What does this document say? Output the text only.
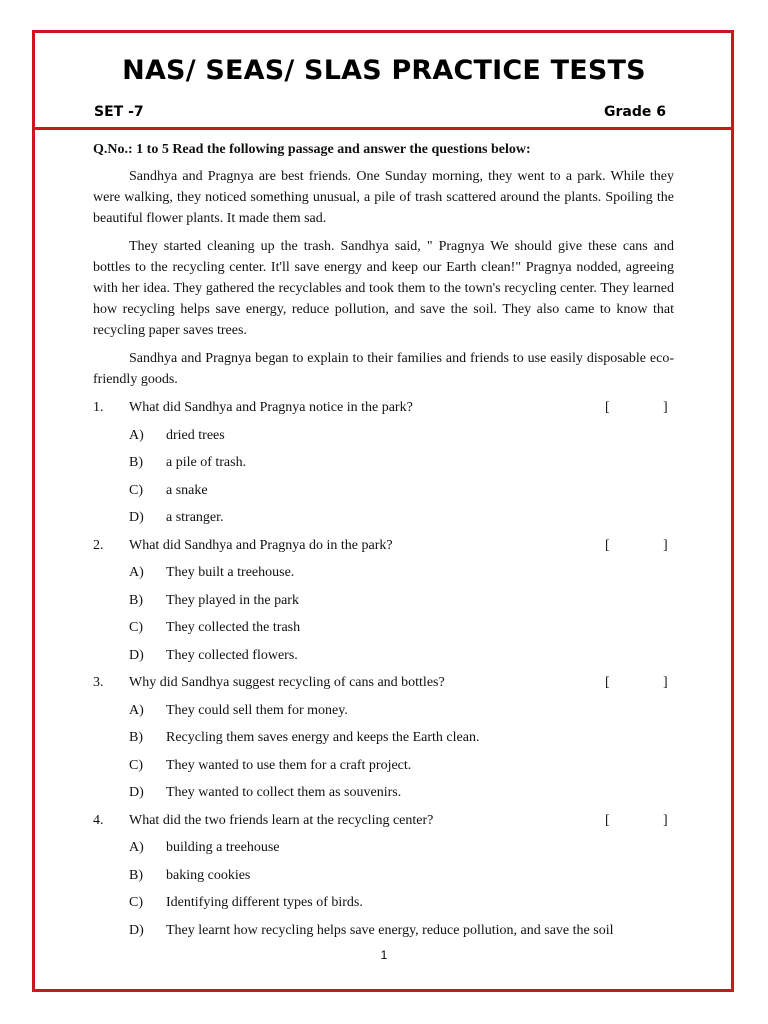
NAS/ SEAS/ SLAS PRACTICE TESTS
SET -7	Grade 6

Q.No.: 1 to 5 Read the following passage and answer the questions below:

Sandhya and Pragnya are best friends. One Sunday morning, they went to a park. While they were walking, they noticed something unusual, a pile of trash scattered around the plants. Spoiling the beautiful flower plants. It made them sad.

They started cleaning up the trash. Sandhya said, " Pragnya We should give these cans and bottles to the recycling center. It'll save energy and keep our Earth clean!" Pragnya nodded, agreeing with her idea. They gathered the recyclables and took them to the town's recycling center. They learned how recycling helps save energy, reduce pollution, and save the soil. They also came to know that recycling paper saves trees.

Sandhya and Pragnya began to explain to their families and friends to use easily disposable eco-friendly goods.

1. What did Sandhya and Pragnya notice in the park?	[	]
A) dried trees
B) a pile of trash.
C) a snake
D) a stranger.
2. What did Sandhya and Pragnya do in the park?	[	]
A) They built a treehouse.
B) They played in the park
C) They collected the trash
D) They collected flowers.
3. Why did Sandhya suggest recycling of cans and bottles?	[	]
A) They could sell them for money.
B) Recycling them saves energy and keeps the Earth clean.
C) They wanted to use them for a craft project.
D) They wanted to collect them as souvenirs.
4. What did the two friends learn at the recycling center?	[	]
A) building a treehouse
B) baking cookies
C) Identifying different types of birds.
D) They learnt how recycling helps save energy, reduce pollution, and save the soil
1
